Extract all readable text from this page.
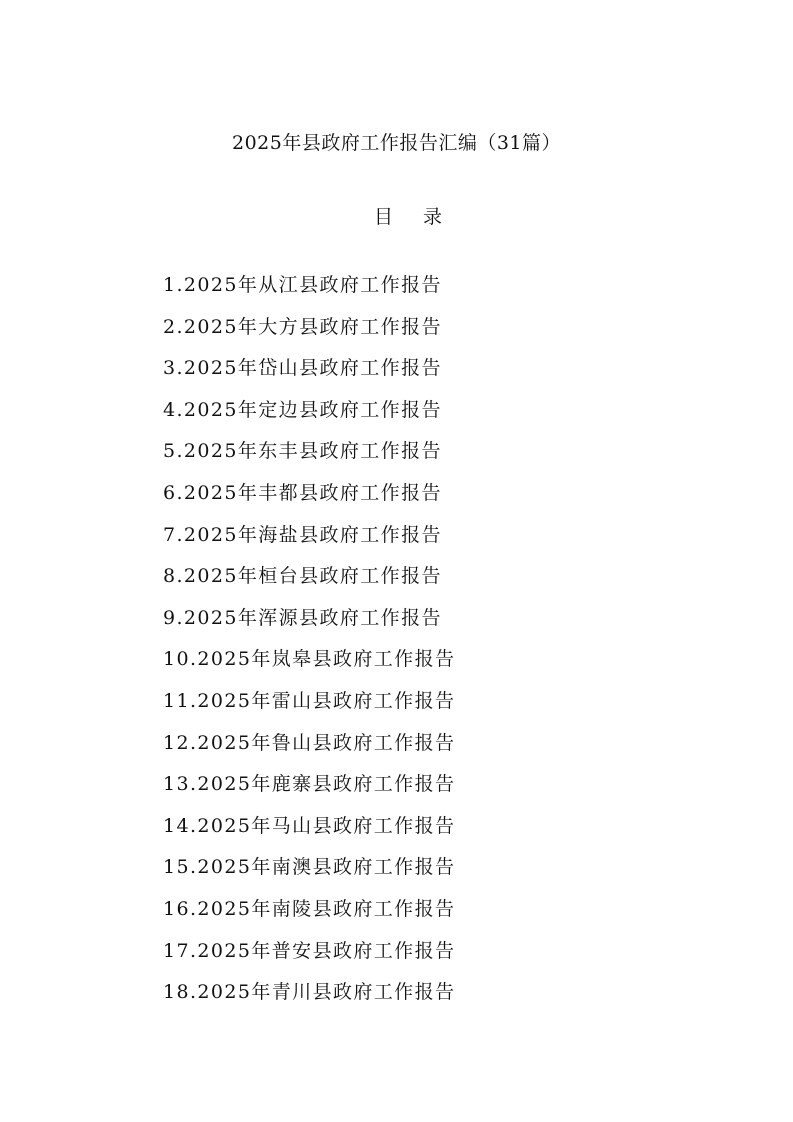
2025年县政府工作报告汇编（31篇）
目 录
1.2025年从江县政府工作报告
2.2025年大方县政府工作报告
3.2025年岱山县政府工作报告
4.2025年定边县政府工作报告
5.2025年东丰县政府工作报告
6.2025年丰都县政府工作报告
7.2025年海盐县政府工作报告
8.2025年桓台县政府工作报告
9.2025年浑源县政府工作报告
10.2025年岚皋县政府工作报告
11.2025年雷山县政府工作报告
12.2025年鲁山县政府工作报告
13.2025年鹿寨县政府工作报告
14.2025年马山县政府工作报告
15.2025年南澳县政府工作报告
16.2025年南陵县政府工作报告
17.2025年普安县政府工作报告
18.2025年青川县政府工作报告
